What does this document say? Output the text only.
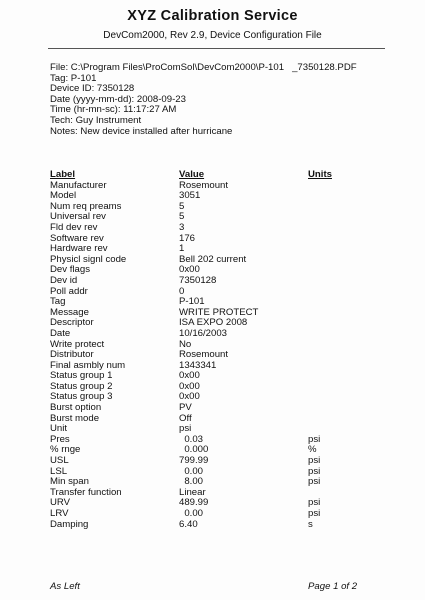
XYZ Calibration Service
DevCom2000, Rev 2.9, Device Configuration File
File: C:\Program Files\ProComSol\DevCom2000\P-101 _7350128.PDF
Tag: P-101
Device ID: 7350128
Date (yyyy-mm-dd): 2008-09-23
Time (hr-mn-sc): 11:17:27 AM
Tech: Guy Instrument
Notes: New device installed after hurricane
Label	Value	Units
Manufacturer	Rosemount
Model	3051
Num req preams	5
Universal rev	5
Fld dev rev	3
Software rev	176
Hardware rev	1
Physicl signl code	Bell 202 current
Dev flags	0x00
Dev id	7350128
Poll addr	0
Tag	P-101
Message	WRITE PROTECT
Descriptor	ISA EXPO 2008
Date	10/16/2003
Write protect	No
Distributor	Rosemount
Final asmbly num	1343341
Status group 1	0x00
Status group 2	0x00
Status group 3	0x00
Burst option	PV
Burst mode	Off
Unit	psi
Pres	0.03	psi
% rnge	0.000	%
USL	799.99	psi
LSL	0.00	psi
Min span	8.00	psi
Transfer function	Linear
URV	489.99	psi
LRV	0.00	psi
Damping	6.40	s
As Left	Page 1 of 2
